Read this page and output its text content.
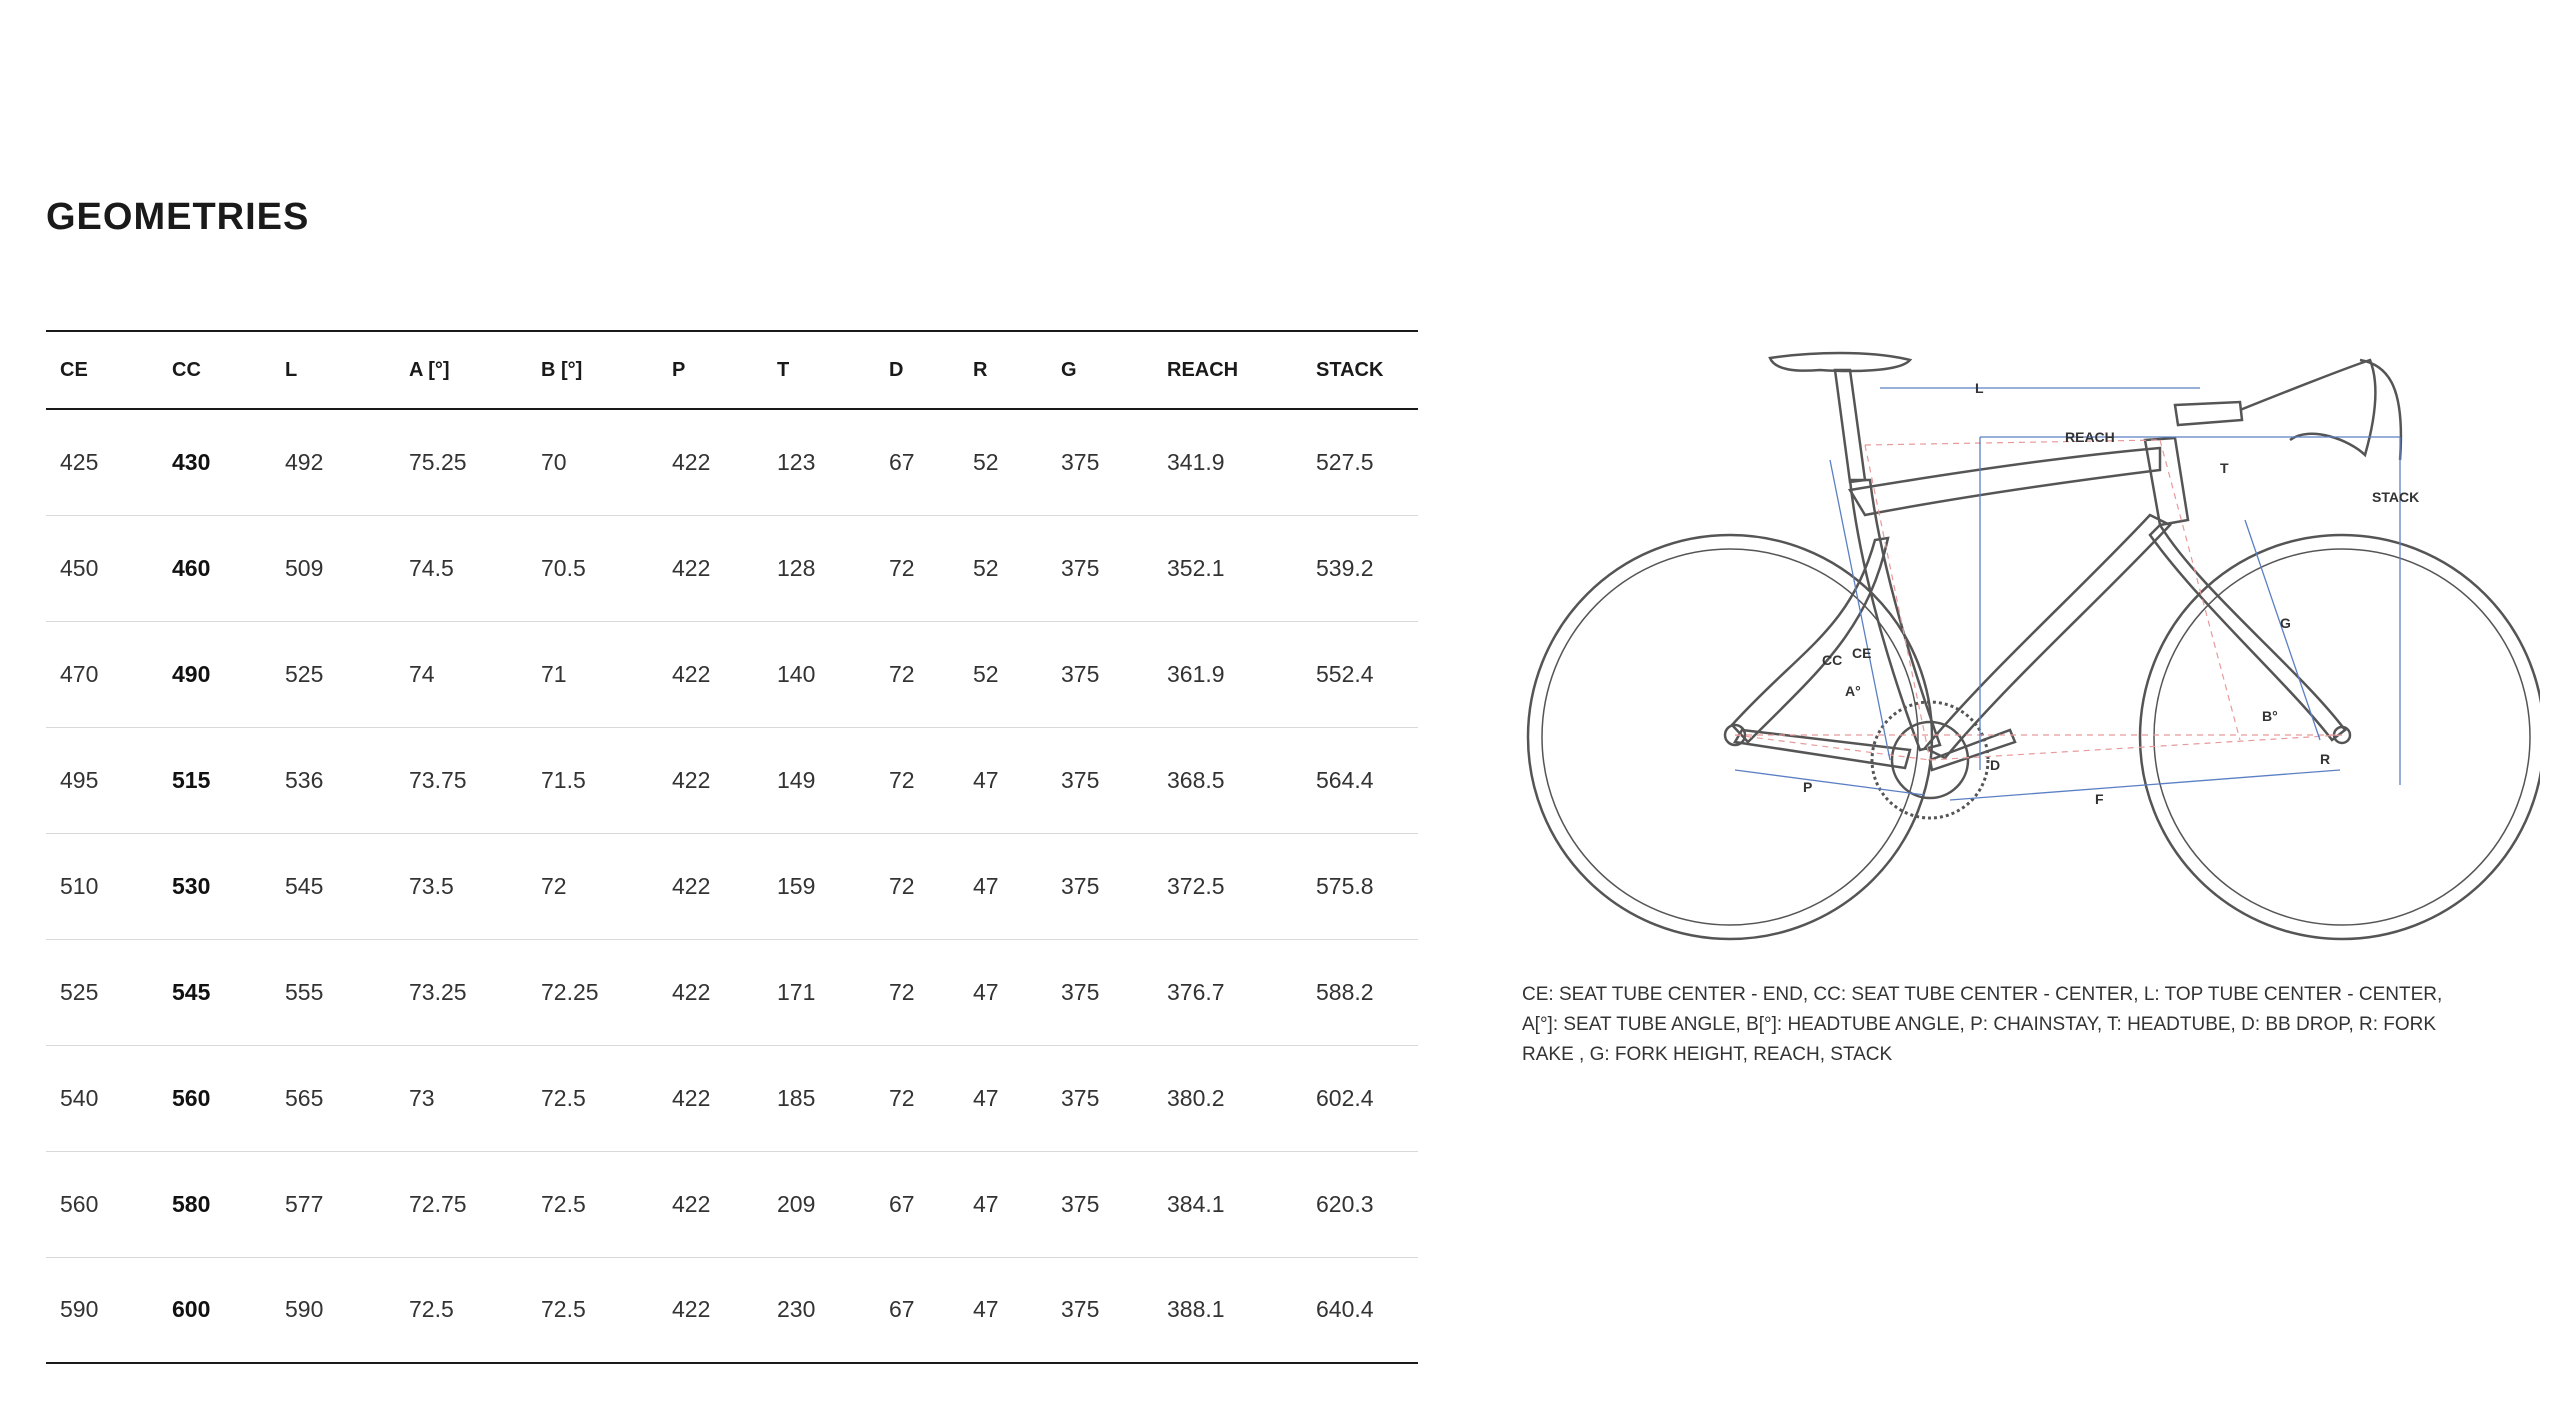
GEOMETRIES
CE	CC	L	A [°]	B [°]	P	T	D	R	G	REACH	STACK
425	430	492	75.25	70	422	123	67	52	375	341.9	527.5
450	460	509	74.5	70.5	422	128	72	52	375	352.1	539.2
470	490	525	74	71	422	140	72	52	375	361.9	552.4
495	515	536	73.75	71.5	422	149	72	47	375	368.5	564.4
510	530	545	73.5	72	422	159	72	47	375	372.5	575.8
525	545	555	73.25	72.25	422	171	72	47	375	376.7	588.2
540	560	565	73	72.5	422	185	72	47	375	380.2	602.4
560	580	577	72.75	72.5	422	209	67	47	375	384.1	620.3
590	600	590	72.5	72.5	422	230	67	47	375	388.1	640.4
L
REACH
STACK
T
G
CC CE
A°
B°
D	R
P
F

CE: SEAT TUBE CENTER - END, CC: SEAT TUBE CENTER - CENTER, L: TOP TUBE CENTER - CENTER, A[°]: SEAT TUBE ANGLE, B[°]: HEADTUBE ANGLE, P: CHAINSTAY, T: HEADTUBE, D: BB DROP, R: FORK RAKE , G: FORK HEIGHT, REACH, STACK
